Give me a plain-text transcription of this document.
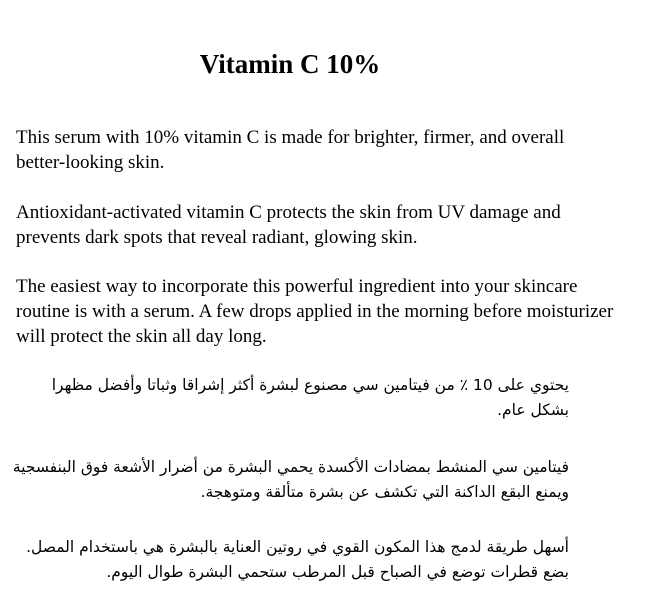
Vitamin C 10%

This serum with 10% vitamin C is made for brighter, firmer, and overall better-looking skin.

Antioxidant-activated vitamin C protects the skin from UV damage and prevents dark spots that reveal radiant, glowing skin.

The easiest way to incorporate this powerful ingredient into your skincare routine is with a serum. A few drops applied in the morning before moisturizer will protect the skin all day long.

يحتوي على 10 ٪ من فيتامين سي مصنوع لبشرة أكثر إشراقا وثباتا وأفضل مظهرا
بشكل عام.
فيتامين سي المنشط بمضادات الأكسدة يحمي البشرة من أضرار الأشعة فوق البنفسجية
ويمنع البقع الداكنة التي تكشف عن بشرة متألقة ومتوهجة.
أسهل طريقة لدمج هذا المكون القوي في روتين العناية بالبشرة هي باستخدام المصل.
بضع قطرات توضع في الصباح قبل المرطب ستحمي البشرة طوال اليوم.
